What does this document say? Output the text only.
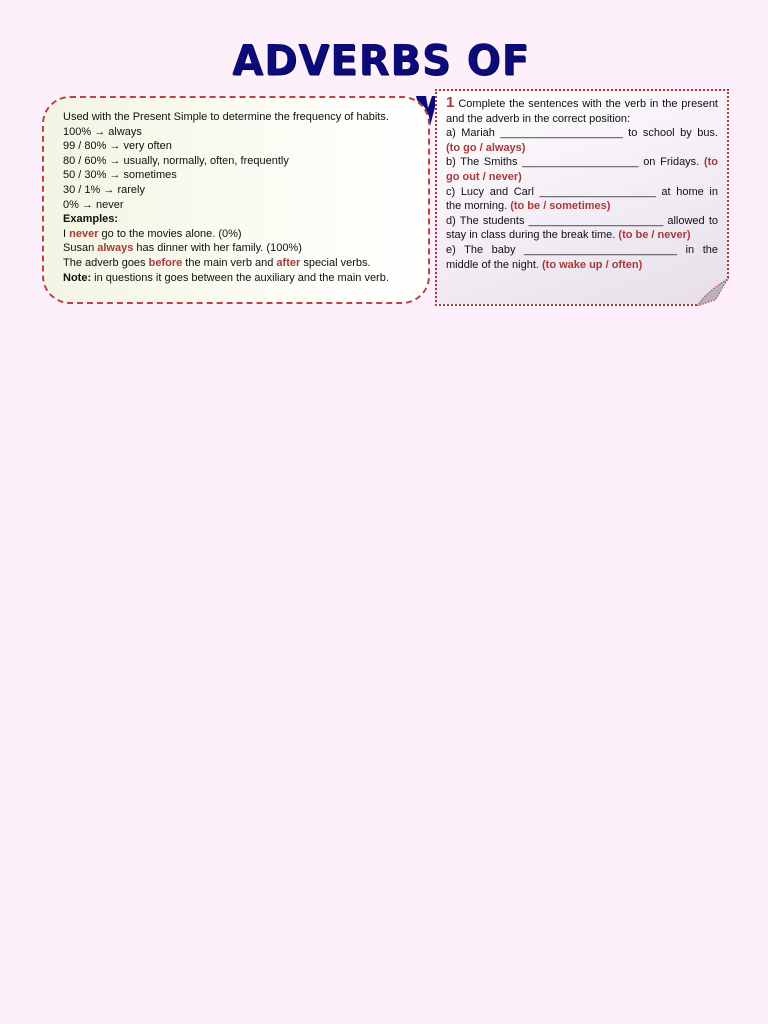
ADVERBS OF
Used with the Present Simple to determine the frequency of habits.
100% → always
99 / 80% → very often
80 / 60% → usually, normally, often, frequently
50 / 30% → sometimes
30 / 1% → rarely
0% → never
Examples:
I never go to the movies alone. (0%)
Susan always has dinner with her family. (100%)
The adverb goes before the main verb and after special verbs.
Note: in questions it goes between the auxiliary and the main verb.

1 Complete the sentences with the verb in the present and the adverb in the correct position:

a) Mariah ____________________ to school by bus. (to go / always)

b) The Smiths ___________________ on Fridays. (to go out / never)

c) Lucy and Carl ___________________ at home in the morning. (to be / sometimes)

d) The students ______________________ allowed to stay in class during the break time. (to be / never)

e) The baby _________________________ in the middle of the night. (to wake up / often)
